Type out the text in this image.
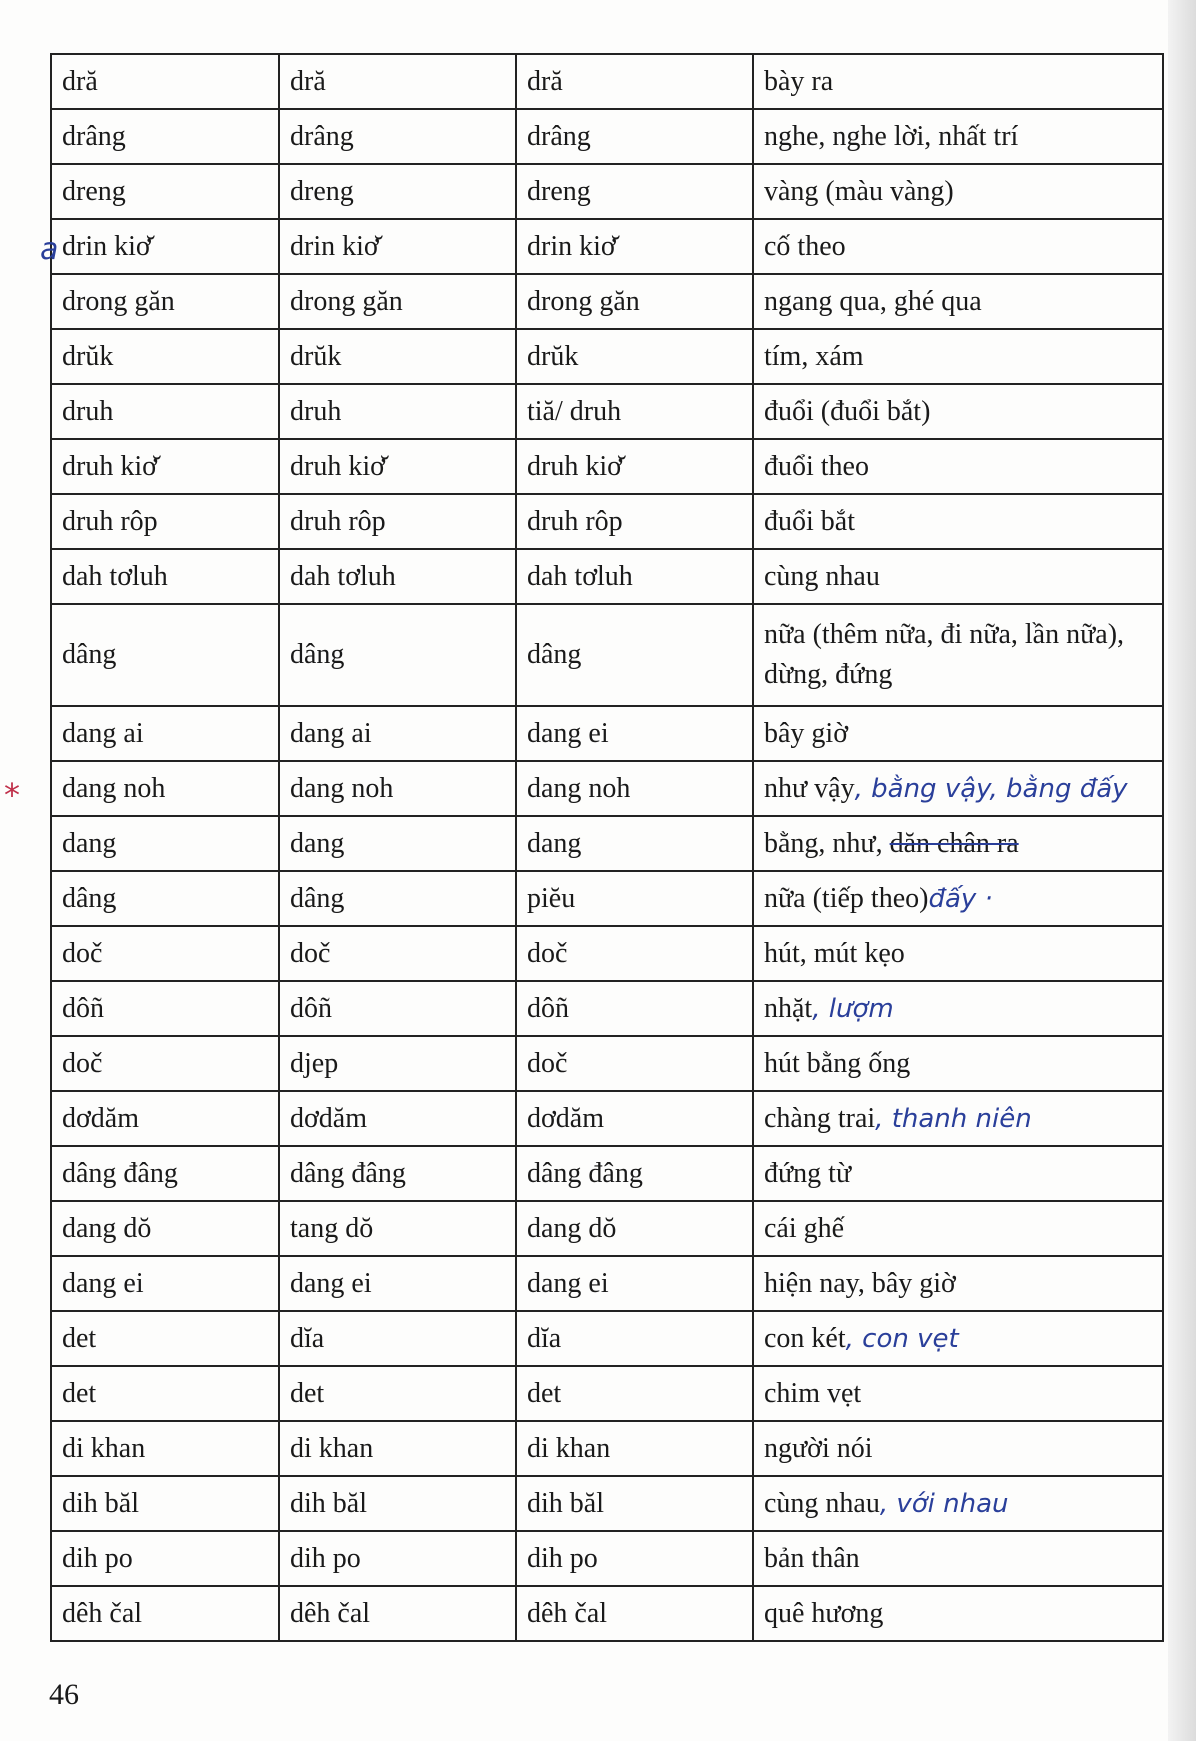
dră	dră	dră	bày ra
drâng	drâng	drâng	nghe, nghe lời, nhất trí
dreng	dreng	dreng	vàng (màu vàng)
drin kiơ̆	drin kiơ̆	drin kiơ̆	cố theo
drong găn	drong găn	drong găn	ngang qua, ghé qua
drŭk	drŭk	drŭk	tím, xám
druh	druh	tiă/ druh	đuổi (đuổi bắt)
druh kiơ̆	druh kiơ̆	druh kiơ̆	đuổi theo
druh rôp	druh rôp	druh rôp	đuổi bắt
dah tơluh	dah tơluh	dah tơluh	cùng nhau
dâng	dâng	dâng	nữa (thêm nữa, đi nữa, lần nữa), dừng, đứng
dang ai	dang ai	dang ei	bây giờ
dang noh	dang noh	dang noh	như vậy, bằng vậy, bằng đấy
dang	dang	dang	bằng, như, dăn chân ra
dâng	dâng	piĕu	nữa (tiếp theo)đấy ·
doč	doč	doč	hút, mút kẹo
dôñ	dôñ	dôñ	nhặt, lượm
doč	djep	doč	hút bằng ống
dơdăm	dơdăm	dơdăm	chàng trai, thanh niên
dâng đâng	dâng đâng	dâng đâng	đứng từ
dang dŏ	tang dŏ	dang dŏ	cái ghế
dang ei	dang ei	dang ei	hiện nay, bây giờ
det	dĭa	dĭa	con két, con vẹt
det	det	det	chim vẹt
di khan	di khan	di khan	người nói
dih băl	dih băl	dih băl	cùng nhau, với nhau
dih po	dih po	dih po	bản thân
dêh čal	dêh čal	dêh čal	quê hương
a
*
46
